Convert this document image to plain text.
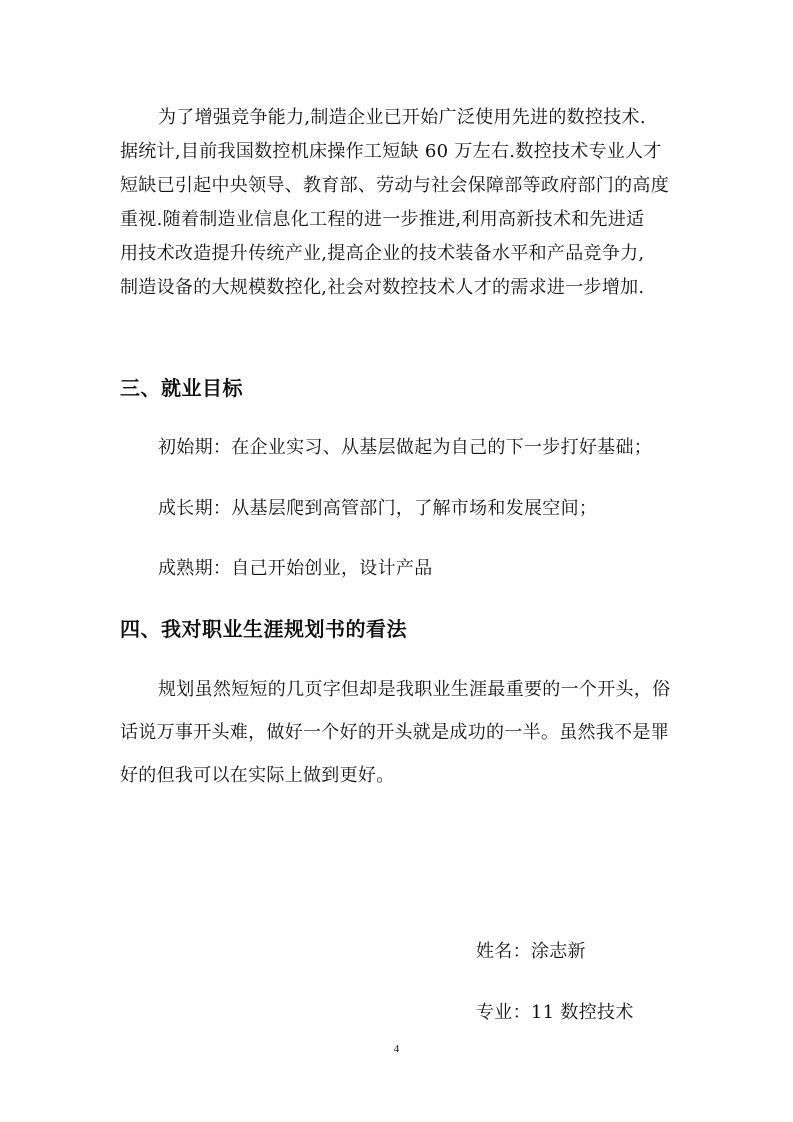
为了增强竞争能力,制造企业已开始广泛使用先进的数控技术.
据统计,目前我国数控机床操作工短缺 60 万左右.数控技术专业人才
短缺已引起中央领导、教育部、劳动与社会保障部等政府部门的高度
重视.随着制造业信息化工程的进一步推进,利用高新技术和先进适
用技术改造提升传统产业,提高企业的技术装备水平和产品竞争力,
制造设备的大规模数控化,社会对数控技术人才的需求进一步增加.
三、就业目标
初始期：在企业实习、从基层做起为自己的下一步打好基础；
成长期：从基层爬到高管部门，了解市场和发展空间；
成熟期：自己开始创业，设计产品
四、我对职业生涯规划书的看法
规划虽然短短的几页字但却是我职业生涯最重要的一个开头，俗
话说万事开头难，做好一个好的开头就是成功的一半。虽然我不是罪
好的但我可以在实际上做到更好。
姓名：涂志新
专业：11 数控技术
4
